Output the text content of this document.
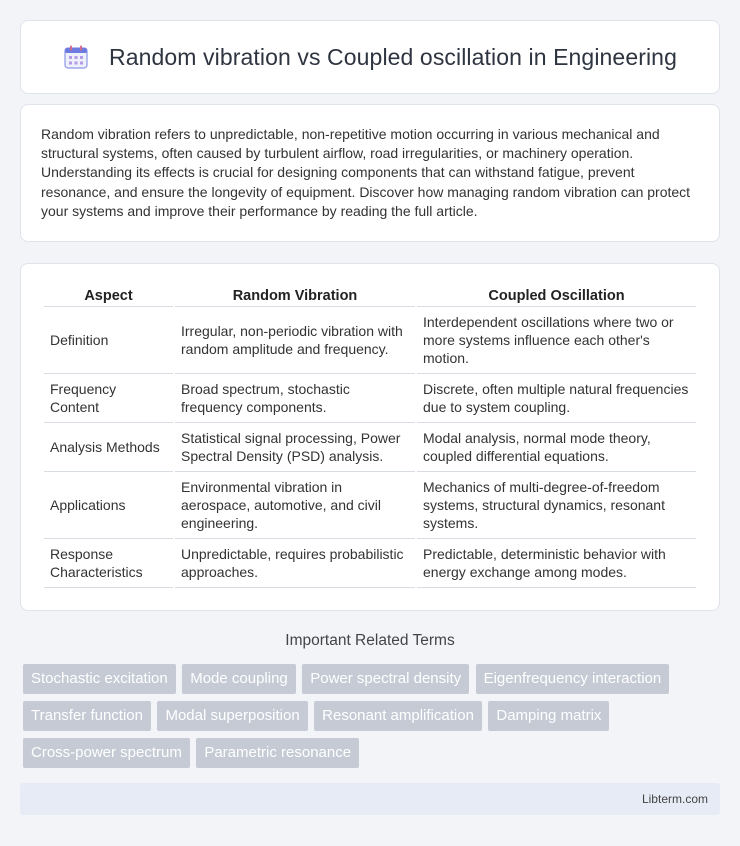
Random vibration vs Coupled oscillation in Engineering

Random vibration refers to unpredictable, non-repetitive motion occurring in various mechanical and structural systems, often caused by turbulent airflow, road irregularities, or machinery operation. Understanding its effects is crucial for designing components that can withstand fatigue, prevent resonance, and ensure the longevity of equipment. Discover how managing random vibration can protect your systems and improve their performance by reading the full article.

Aspect	Random Vibration	Coupled Oscillation
Definition	Irregular, non-periodic vibration with random amplitude and frequency.	Interdependent oscillations where two or more systems influence each other's motion.
Frequency Content	Broad spectrum, stochastic frequency components.	Discrete, often multiple natural frequencies due to system coupling.
Analysis Methods	Statistical signal processing, Power Spectral Density (PSD) analysis.	Modal analysis, normal mode theory, coupled differential equations.
Applications	Environmental vibration in aerospace, automotive, and civil engineering.	Mechanics of multi-degree-of-freedom systems, structural dynamics, resonant systems.
Response Characteristics	Unpredictable, requires probabilistic approaches.	Predictable, deterministic behavior with energy exchange among modes.
Important Related Terms
Stochastic excitation Mode coupling Power spectral density Eigenfrequency interaction
Transfer function Modal superposition Resonant amplification Damping matrix
Cross-power spectrum Parametric resonance
Libterm.com
